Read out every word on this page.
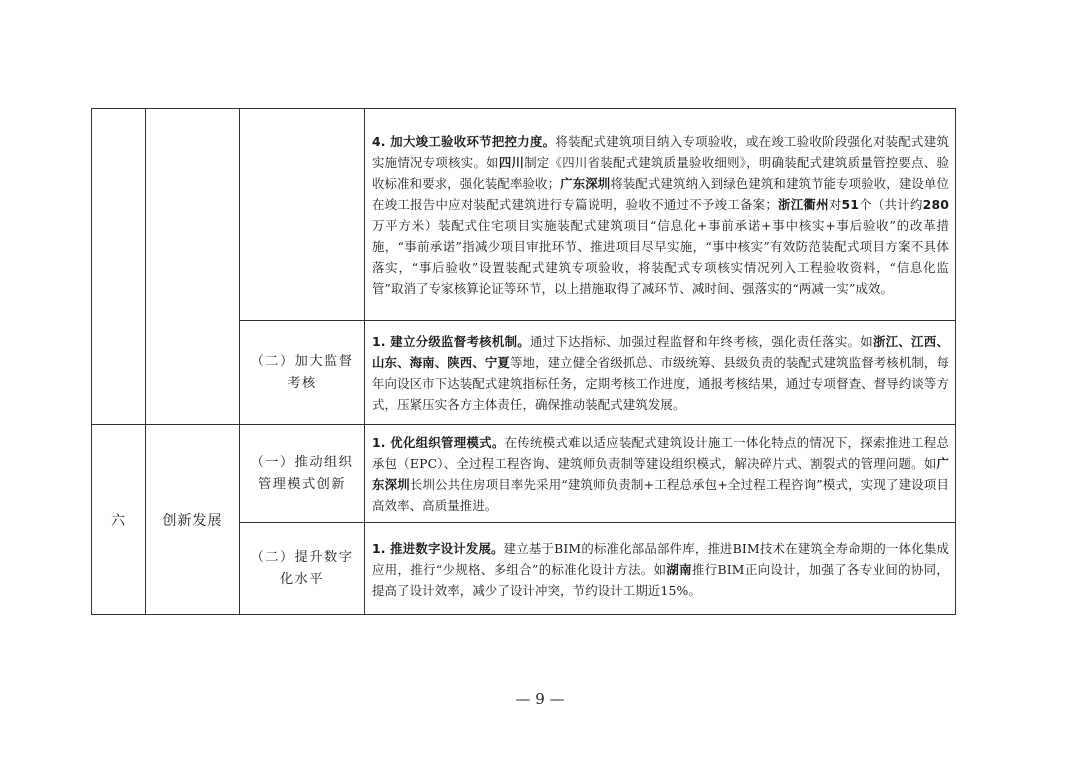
			4. 加大竣工验收环节把控力度。将装配式建筑项目纳入专项验收，或在竣工验收阶段强化对装配式建筑实施情况专项核实。如四川制定《四川省装配式建筑质量验收细则》，明确装配式建筑质量管控要点、验收标准和要求，强化装配率验收；广东深圳将装配式建筑纳入到绿色建筑和建筑节能专项验收，建设单位在竣工报告中应对装配式建筑进行专篇说明，验收不通过不予竣工备案；浙江衢州对51个（共计约280万平方米）装配式住宅项目实施装配式建筑项目“信息化+事前承诺+事中核实+事后验收”的改革措施，“事前承诺”指减少项目审批环节、推进项目尽早实施，“事中核实”有效防范装配式项目方案不具体落实，“事后验收”设置装配式建筑专项验收，将装配式专项核实情况列入工程验收资料，“信息化监管”取消了专家核算论证等环节，以上措施取得了减环节、减时间、强落实的“两减一实”成效。
		（二）加大监督考核	1. 建立分级监督考核机制。通过下达指标、加强过程监督和年终考核，强化责任落实。如浙江、江西、山东、海南、陕西、宁夏等地，建立健全省级抓总、市级统筹、县级负责的装配式建筑监督考核机制，每年向设区市下达装配式建筑指标任务，定期考核工作进度，通报考核结果，通过专项督查、督导约谈等方式，压紧压实各方主体责任，确保推动装配式建筑发展。
六	创新发展	（一）推动组织管理模式创新	1. 优化组织管理模式。在传统模式难以适应装配式建筑设计施工一体化特点的情况下，探索推进工程总承包（EPC）、全过程工程咨询、建筑师负责制等建设组织模式，解决碎片式、割裂式的管理问题。如广东深圳长圳公共住房项目率先采用“建筑师负责制+工程总承包+全过程工程咨询”模式，实现了建设项目高效率、高质量推进。
		（二）提升数字化水平	1. 推进数字设计发展。建立基于BIM的标准化部品部件库，推进BIM技术在建筑全寿命期的一体化集成应用，推行“少规格、多组合”的标准化设计方法。如湖南推行BIM正向设计，加强了各专业间的协同，提高了设计效率，减少了设计冲突，节约设计工期近15%。
— 9 —
